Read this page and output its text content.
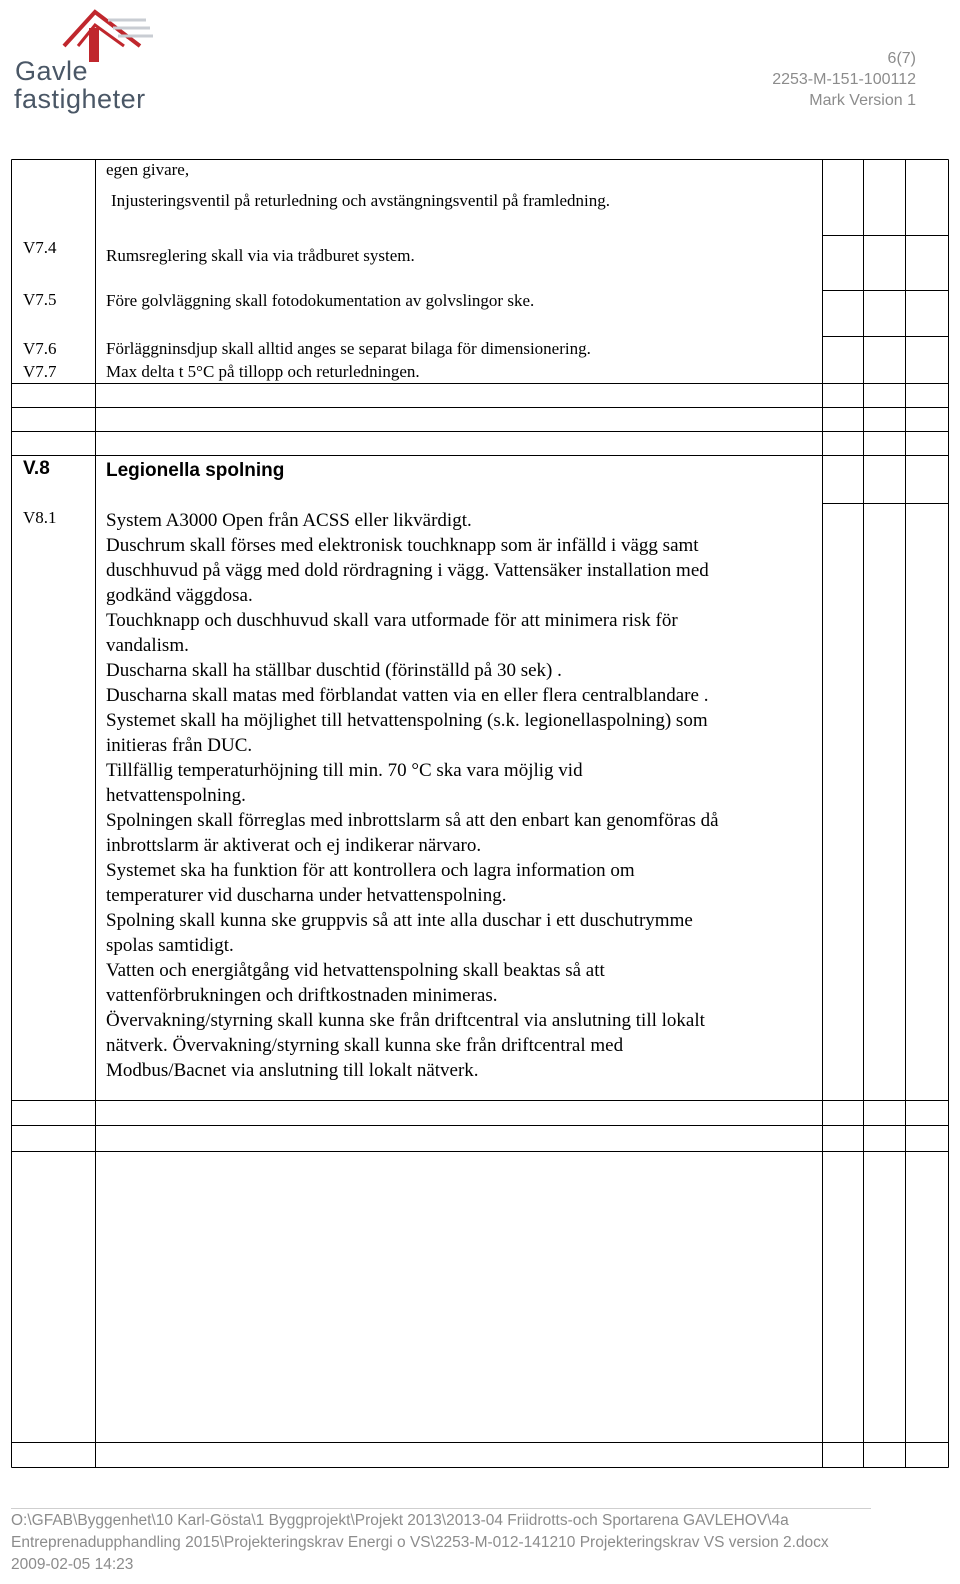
Gavle
fastigheter
6(7)
2253-M-151-100112
Mark Version 1
egen givare,
Injusteringsventil på returledning och avstängningsventil på framledning.
V7.4	Rumsreglering skall via via trådburet system.
V7.5	Före golvläggning skall fotodokumentation av golvslingor ske.
V7.6	Förläggninsdjup skall alltid anges se separat bilaga för dimensionering.
V7.7	Max delta t 5°C på tillopp och returledningen.
V.8	Legionella spolning
V8.1	System A3000 Open från ACSS eller likvärdigt.

Duschrum skall förses med elektronisk touchknapp som är infälld i vägg samt

duschhuvud på vägg med dold rördragning i vägg. Vattensäker installation med

godkänd väggdosa.

Touchknapp och duschhuvud skall vara utformade för att minimera risk för

vandalism.

Duscharna skall ha ställbar duschtid (förinställd på 30 sek) .

Duscharna skall matas med förblandat vatten via en eller flera centralblandare .

Systemet skall ha möjlighet till hetvattenspolning (s.k. legionellaspolning) som

initieras från DUC.

Tillfällig temperaturhöjning till min. 70 °C ska vara möjlig vid

hetvattenspolning.

Spolningen skall förreglas med inbrottslarm så att den enbart kan genomföras då

inbrottslarm är aktiverat och ej indikerar närvaro.

Systemet ska ha funktion för att kontrollera och lagra information om

temperaturer vid duscharna under hetvattenspolning.

Spolning skall kunna ske gruppvis så att inte alla duschar i ett duschutrymme

spolas samtidigt.

Vatten och energiåtgång vid hetvattenspolning skall beaktas så att

vattenförbrukningen och driftkostnaden minimeras.

Övervakning/styrning skall kunna ske från driftcentral via anslutning till lokalt

nätverk. Övervakning/styrning skall kunna ske från driftcentral med

Modbus/Bacnet via anslutning till lokalt nätverk.

O:\GFAB\Byggenhet\10 Karl-Gösta\1 Byggprojekt\Projekt 2013\2013-04 Friidrotts-och Sportarena GAVLEHOV\4a
Entreprenadupphandling 2015\Projekteringskrav Energi o VS\2253-M-012-141210 Projekteringskrav VS version 2.docx
2009-02-05 14:23
